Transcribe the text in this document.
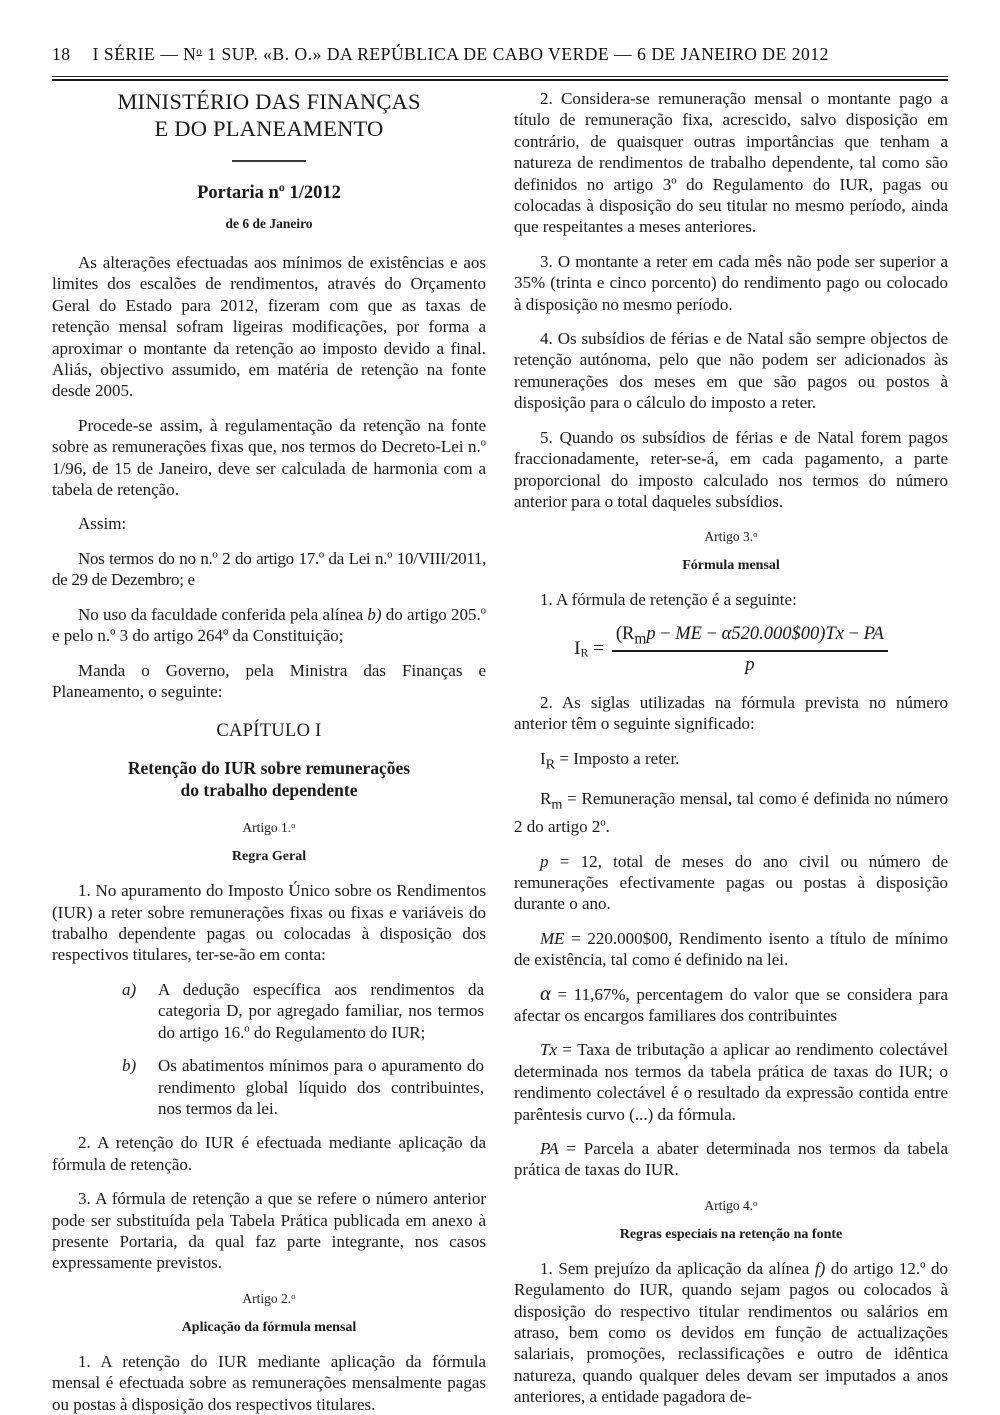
18 I SÉRIE — $N^o$ 1 SUP. «B. O.» DA REPÚBLICA DE CABO VERDE — 6 DE JANEIRO DE 2012
MINISTÉRIO DAS FINANÇAS
E DO PLANEAMENTO
Portaria nº 1/2012
de 6 de Janeiro

As alterações efectuadas aos mínimos de existências e aos limites dos escalões de rendimentos, através do Orçamento Geral do Estado para 2012, fizeram com que as taxas de retenção mensal sofram ligeiras modificações, por forma a aproximar o montante da retenção ao imposto devido a final. Aliás, objectivo assumido, em matéria de retenção na fonte desde 2005.

Procede-se assim, à regulamentação da retenção na fonte sobre as remunerações fixas que, nos termos do Decreto-Lei n.º 1/96, de 15 de Janeiro, deve ser calculada de harmonia com a tabela de retenção.

Assim:

Nos termos do no n.º 2 do artigo 17.º da Lei n.º 10/VIII/2011, de 29 de Dezembro; e

No uso da faculdade conferida pela alínea b) do artigo 205.º e pelo n.º 3 do artigo 264º da Constituição;

Manda o Governo, pela Ministra das Finanças e Planeamento, o seguinte:

CAPÍTULO I
Retenção do IUR sobre remunerações
do trabalho dependente
Artigo 1.$^o$
Regra Geral

1. No apuramento do Imposto Único sobre os Rendimentos (IUR) a reter sobre remunerações fixas ou fixas e variáveis do trabalho dependente pagas ou colocadas à disposição dos respectivos titulares, ter-se-ão em conta:

a) A dedução específica aos rendimentos da categoria D, por agregado familiar, nos termos do artigo 16.º do Regulamento do IUR;
b) Os abatimentos mínimos para o apuramento do rendimento global líquido dos contribuintes, nos termos da lei.

2. A retenção do IUR é efectuada mediante aplicação da fórmula de retenção.

3. A fórmula de retenção a que se refere o número anterior pode ser substituída pela Tabela Prática publicada em anexo à presente Portaria, da qual faz parte integrante, nos casos expressamente previstos.

Artigo 2.$^o$
Aplicação da fórmula mensal

1. A retenção do IUR mediante aplicação da fórmula mensal é efectuada sobre as remunerações mensalmente pagas ou postas à disposição dos respectivos titulares.

2. Considera-se remuneração mensal o montante pago a título de remuneração fixa, acrescido, salvo disposição em contrário, de quaisquer outras importâncias que tenham a natureza de rendimentos de trabalho dependente, tal como são definidos no artigo 3º do Regulamento do IUR, pagas ou colocadas à disposição do seu titular no mesmo período, ainda que respeitantes a meses anteriores.

3. O montante a reter em cada mês não pode ser superior a 35% (trinta e cinco porcento) do rendimento pago ou colocado à disposição no mesmo período.

4. Os subsídios de férias e de Natal são sempre objectos de retenção autónoma, pelo que não podem ser adicionados às remunerações dos meses em que são pagos ou postos à disposição para o cálculo do imposto a reter.

5. Quando os subsídios de férias e de Natal forem pagos fraccionadamente, reter-se-á, em cada pagamento, a parte proporcional do imposto calculado nos termos do número anterior para o total daqueles subsídios.

Artigo 3.$^o$
Fórmula mensal

1. A fórmula de retenção é a seguinte:

$I_R = \frac{(R_mp - ME - \alpha 520.000\$00)Tx - PA}{p}$

2. As siglas utilizadas na fórmula prevista no número anterior têm o seguinte significado:

$I_R$ = Imposto a reter.

$R_m$ = Remuneração mensal, tal como é definida no número 2 do artigo 2º.

p = 12, total de meses do ano civil ou número de remunerações efectivamente pagas ou postas à disposição durante o ano.

ME = 220.000$00, Rendimento isento a título de mínimo de existência, tal como é definido na lei.

α = 11,67%, percentagem do valor que se considera para afectar os encargos familiares dos contribuintes

Tx = Taxa de tributação a aplicar ao rendimento colectável determinada nos termos da tabela prática de taxas do IUR; o rendimento colectável é o resultado da expressão contida entre parêntesis curvo (...) da fórmula.

PA = Parcela a abater determinada nos termos da tabela prática de taxas do IUR.

Artigo 4.$^o$
Regras especiais na retenção na fonte

1. Sem prejuízo da aplicação da alínea f) do artigo 12.º do Regulamento do IUR, quando sejam pagos ou colocados à disposição do respectivo titular rendimentos ou salários em atraso, bem como os devidos em função de actualizações salariais, promoções, reclassificações e outro de idêntica natureza, quando qualquer deles devam ser imputados a anos anteriores, a entidade pagadora de-
